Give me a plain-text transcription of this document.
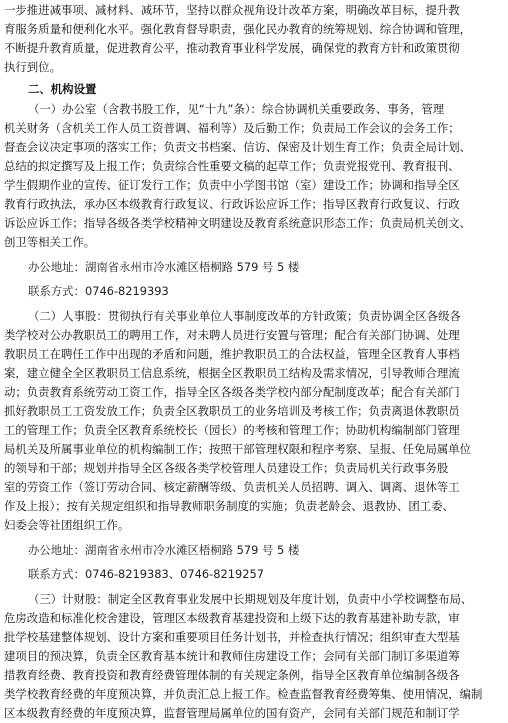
一步推进减事项、减材料、减环节，坚持以群众视角设计改革方案，明确改革目标，提升教
育服务质量和便利化水平。强化教育督导职责，强化民办教育的统筹规划、综合协调和管理，
不断提升教育质量，促进教育公平，推动教育事业科学发展，确保党的教育方针和政策贯彻
执行到位。
二、机构设置
（一）办公室（含教书股工作，见“十九”条）：综合协调机关重要政务、事务，管理
机关财务（含机关工作人员工资普调、福利等）及后勤工作；负责局工作会议的会务工作；
督查会议决定事项的落实工作；负责文书档案、信访、保密及计划生育工作；负责全局计划、
总结的拟定撰写及上报工作；负责综合性重要文稿的起草工作；负责党报党刊、教育报刊、
学生假期作业的宣传、征订发行工作；负责中小学图书馆（室）建设工作；协调和指导全区
教育行政执法，承办区本级教育行政复议、行政诉讼应诉工作；指导区教育行政复议、行政
诉讼应诉工作；指导各级各类学校精神文明建设及教育系统意识形态工作；负责局机关创文、
创卫等相关工作。
办公地址：湖南省永州市冷水滩区梧桐路 579 号 5 楼
联系方式：0746-8219393
（二）人事股：贯彻执行有关事业单位人事制度改革的方针政策；负责协调全区各级各
类学校对公办教职员工的聘用工作，对未聘人员进行安置与管理；配合有关部门协调、处理
教职员工在聘任工作中出现的矛盾和问题，维护教职员工的合法权益，管理全区教育人事档
案，建立健全全区教职员工信息系统，根据全区教职员工结构及需求情况，引导教师合理流
动；负责教育系统劳动工资工作，指导全区各级各类学校内部分配制度改革；配合有关部门
抓好教职员工工资发放工作；负责全区教职员工的业务培训及考核工作；负责离退休教职员
工的管理工作；负责全区教育系统校长（园长）的考核和管理工作；协助机构编制部门管理
局机关及所属事业单位的机构编制工作；按照干部管理权限和程序考察、呈报、任免局属单位
的领导和干部；规划并指导全区各级各类学校管理人员建设工作；负责局机关行政事务股
室的劳资工作（签订劳动合同、核定薪酬等级、负责机关人员招聘、调入、调离、退休等工
作及上报）；按有关规定组织和指导教师职务制度的实施；负责老龄会、退教协、团工委、
妇委会等社团组织工作。
办公地址：湖南省永州市冷水滩区梧桐路 579 号 5 楼
联系方式：0746-8219383、0746-8219257
（三）计财股：制定全区教育事业发展中长期规划及年度计划，负责中小学校调整布局、
危房改造和标准化校舍建设，管理区本级教育基建投资和上级下达的教育基建补助专款，审
批学校基建整体规划、设计方案和重要项目任务计划书，并检查执行情况；组织审查大型基
建项目的预决算，负责全区教育基本统计和教师住房建设工作；会同有关部门制订多渠道筹
措教育经费、教育投资和教育经费管理体制的有关规定条例，指导全区教育单位编制各级各
类学校教育经费的年度预决算，并负责汇总上报工作。检查监督教育经费筹集、使用情况，编制
区本级教育经费的年度预决算，监督管理局属单位的国有资产，会同有关部门规范和制订学
